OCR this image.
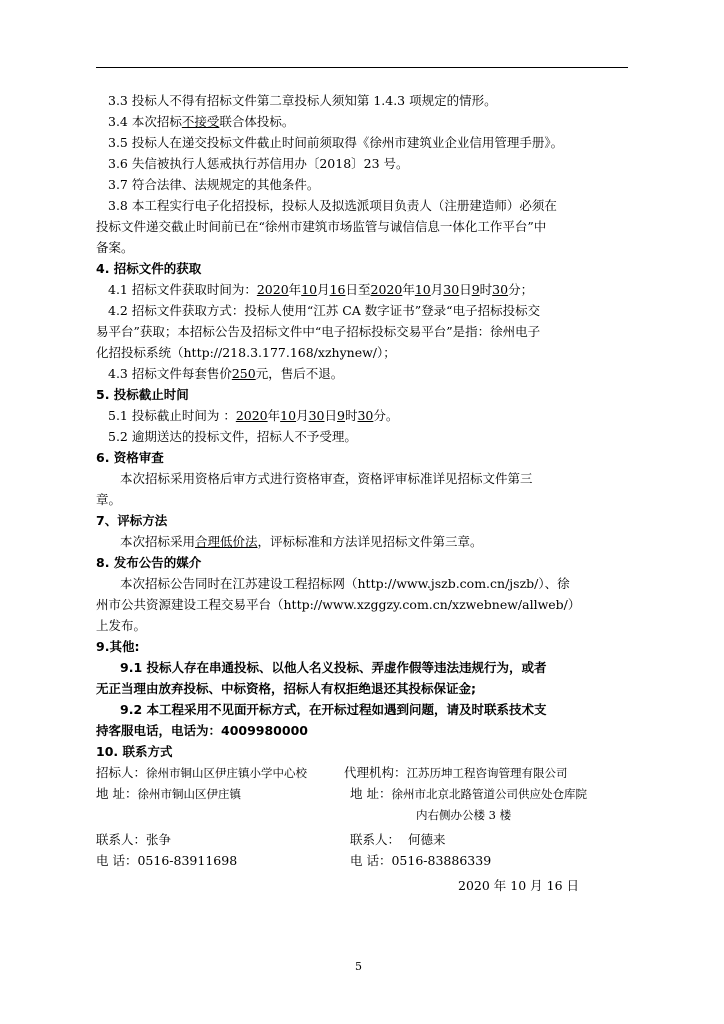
3.3 投标人不得有招标文件第二章投标人须知第 1.4.3 项规定的情形。
3.4 本次招标不接受联合体投标。
3.5 投标人在递交投标文件截止时间前须取得《徐州市建筑业企业信用管理手册》。
3.6 失信被执行人惩戒执行苏信用办〔2018〕23 号。
3.7 符合法律、法规规定的其他条件。
3.8 本工程实行电子化招投标，投标人及拟选派项目负责人（注册建造师）必须在
投标文件递交截止时间前已在“徐州市建筑市场监管与诚信信息一体化工作平台”中
备案。
4. 招标文件的获取
4.1 招标文件获取时间为：2020年10月16日至2020年10月30日9时30分；
4.2 招标文件获取方式：投标人使用“江苏 CA 数字证书”登录“电子招标投标交
易平台”获取；本招标公告及招标文件中“电子招标投标交易平台”是指：徐州电子
化招投标系统（http://218.3.177.168/xzhynew/）；
4.3 招标文件每套售价250元，售后不退。
5. 投标截止时间
5.1 投标截止时间为 ：2020年10月30日9时30分。
5.2 逾期送达的投标文件，招标人不予受理。
6. 资格审查
本次招标采用资格后审方式进行资格审查，资格评审标准详见招标文件第三
章。
7、评标方法
本次招标采用合理低价法，评标标准和方法详见招标文件第三章。
8. 发布公告的媒介
本次招标公告同时在江苏建设工程招标网（http://www.jszb.com.cn/jszb/）、徐
州市公共资源建设工程交易平台（http://www.xzggzy.com.cn/xzwebnew/allweb/）
上发布。
9.其他:
9.1 投标人存在串通投标、以他人名义投标、弄虚作假等违法违规行为，或者
无正当理由放弃投标、中标资格，招标人有权拒绝退还其投标保证金;
9.2 本工程采用不见面开标方式，在开标过程如遇到问题，请及时联系技术支
持客服电话，电话为：4009980000
10. 联系方式
招标人：徐州市铜山区伊庄镇小学中心校	代理机构：江苏历坤工程咨询管理有限公司
地 址：徐州市铜山区伊庄镇	地 址：徐州市北京北路管道公司供应处仓库院
内右侧办公楼 3 楼
联系人：张争	联系人： 何德来
电 话：0516-83911698	电 话：0516-83886339
2020 年 10 月 16 日
5
